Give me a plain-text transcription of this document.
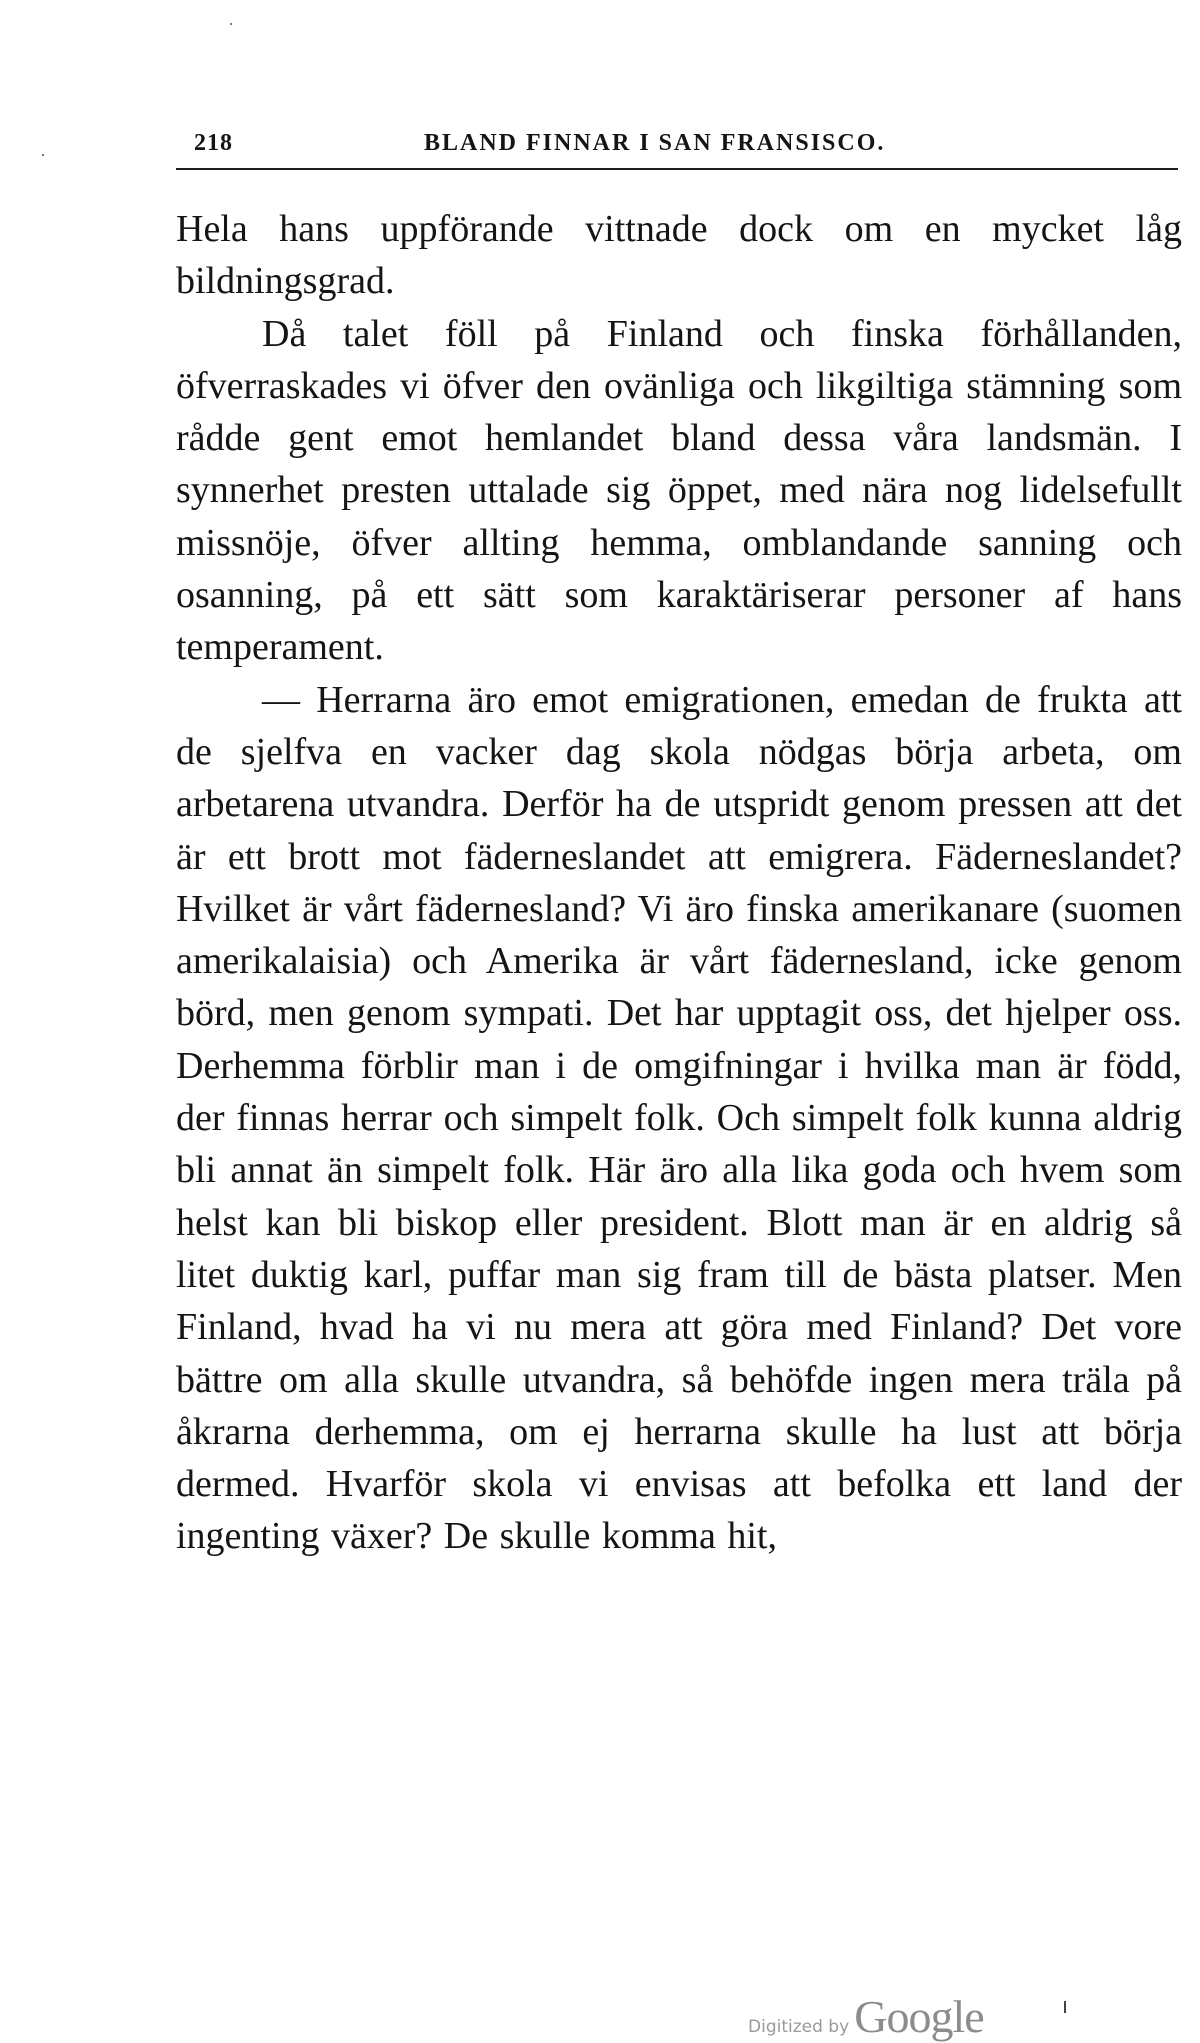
218	BLAND FINNAR I SAN FRANSISCO.

Hela hans uppförande vittnade dock om en mycket låg bildningsgrad.

Då talet föll på Finland och finska förhållanden, öfverraskades vi öfver den ovänliga och likgiltiga stämning som rådde gent emot hemlandet bland dessa våra landsmän. I synnerhet presten uttalade sig öppet, med nära nog lidelsefullt missnöje, öfver allting hemma, omblandande sanning och osanning, på ett sätt som karaktäriserar personer af hans temperament.

— Herrarna äro emot emigrationen, emedan de frukta att de sjelfva en vacker dag skola nödgas börja arbeta, om arbetarena utvandra. Derför ha de utspridt genom pressen att det är ett brott mot fäderneslandet att emigrera. Fäderneslandet? Hvilket är vårt fädernesland? Vi äro finska amerikanare (suomen amerikalaisia) och Amerika är vårt fädernesland, icke genom börd, men genom sympati. Det har upptagit oss, det hjelper oss. Derhemma förblir man i de omgifningar i hvilka man är född, der finnas herrar och simpelt folk. Och simpelt folk kunna aldrig bli annat än simpelt folk. Här äro alla lika goda och hvem som helst kan bli biskop eller president. Blott man är en aldrig så litet duktig karl, puffar man sig fram till de bästa platser. Men Finland, hvad ha vi nu mera att göra med Finland? Det vore bättre om alla skulle utvandra, så behöfde ingen mera träla på åkrarna derhemma, om ej herrarna skulle ha lust att börja dermed. Hvarför skola vi envisas att befolka ett land der ingenting växer? De skulle komma hit,

Digitized by Google
